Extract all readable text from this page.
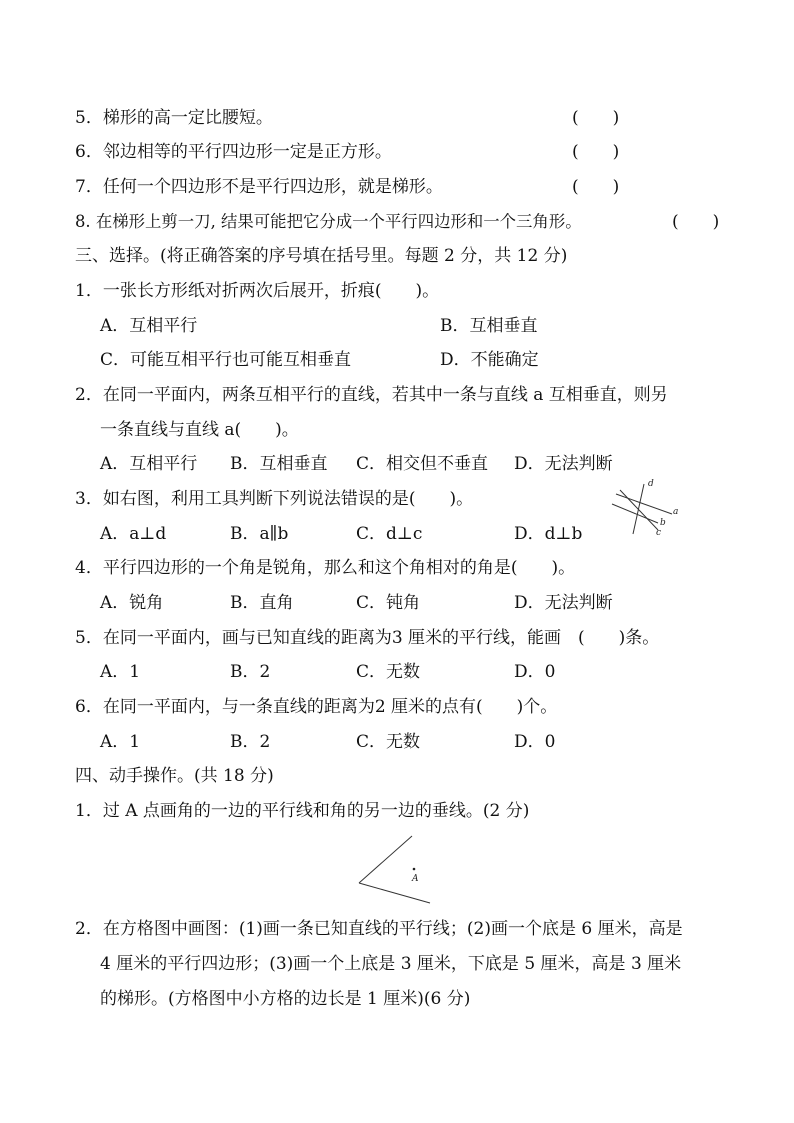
5．梯形的高一定比腰短。	(　　)
6．邻边相等的平行四边形一定是正方形。	(　　)
7．任何一个四边形不是平行四边形，就是梯形。	(　　)
8. 在梯形上剪一刀, 结果可能把它分成一个平行四边形和一个三角形。	(　　)
三、选择。(将正确答案的序号填在括号里。每题 2 分，共 12 分)
1．一张长方形纸对折两次后展开，折痕(　　)。
A．互相平行	B．互相垂直
C．可能互相平行也可能互相垂直	D．不能确定
2．在同一平面内，两条互相平行的直线，若其中一条与直线 a 互相垂直，则另
一条直线与直线 a(　　)。
A．互相平行 B．互相垂直 C．相交但不垂直 D．无法判断
3．如右图，利用工具判断下列说法错误的是(　　)。
A．a⊥d	B．a∥b	C．d⊥c	D．d⊥b
d
a
b
c
4．平行四边形的一个角是锐角，那么和这个角相对的角是(　　)。
A．锐角	B．直角	C．钝角	D．无法判断
5．在同一平面内，画与已知直线的距离为3 厘米的平行线，能画　(　　)条。
A．1	B．2	C．无数	D．0
6．在同一平面内，与一条直线的距离为2 厘米的点有(　　)个。
A．1	B．2	C．无数	D．0
四、动手操作。(共 18 分)
1．过 A 点画角的一边的平行线和角的另一边的垂线。(2 分)
A
2．在方格图中画图：(1)画一条已知直线的平行线；(2)画一个底是 6 厘米，高是
4 厘米的平行四边形；(3)画一个上底是 3 厘米，下底是 5 厘米，高是 3 厘米
的梯形。(方格图中小方格的边长是 1 厘米)(6 分)
